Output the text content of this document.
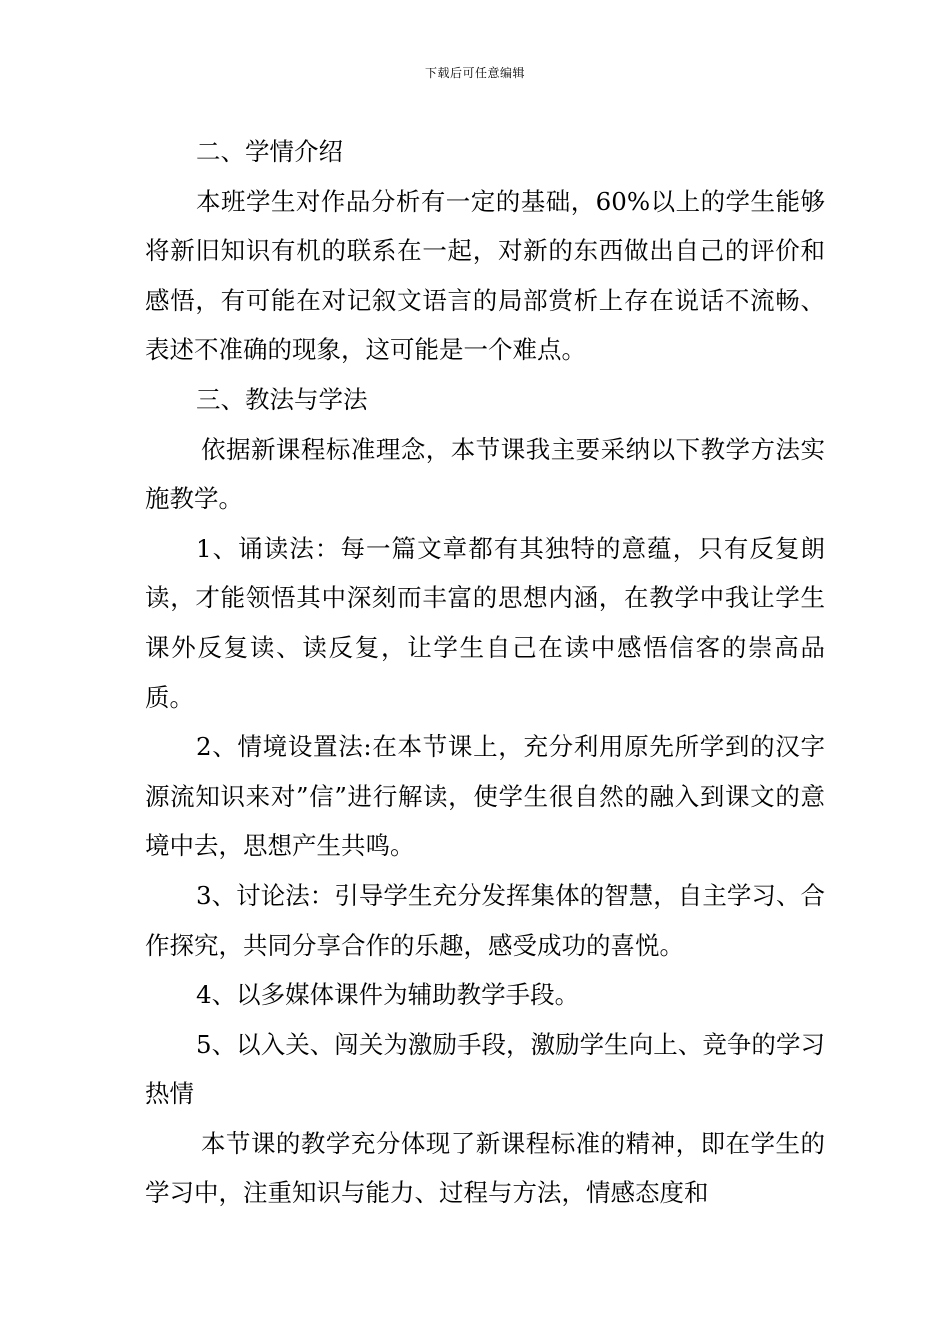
下载后可任意编辑

二、学情介绍

本班学生对作品分析有一定的基础，60%以上的学生能够将新旧知识有机的联系在一起，对新的东西做出自己的评价和感悟，有可能在对记叙文语言的局部赏析上存在说话不流畅、表述不准确的现象，这可能是一个难点。

三、教法与学法

依据新课程标准理念，本节课我主要采纳以下教学方法实施教学。

1、诵读法：每一篇文章都有其独特的意蕴，只有反复朗读，才能领悟其中深刻而丰富的思想内涵，在教学中我让学生课外反复读、读反复，让学生自己在读中感悟信客的崇高品质。

2、情境设置法:在本节课上，充分利用原先所学到的汉字源流知识来对”信”进行解读，使学生很自然的融入到课文的意境中去，思想产生共鸣。

3、讨论法：引导学生充分发挥集体的智慧，自主学习、合作探究，共同分享合作的乐趣，感受成功的喜悦。

4、以多媒体课件为辅助教学手段。

5、以入关、闯关为激励手段，激励学生向上、竞争的学习热情

本节课的教学充分体现了新课程标准的精神，即在学生的学习中，注重知识与能力、过程与方法，情感态度和
